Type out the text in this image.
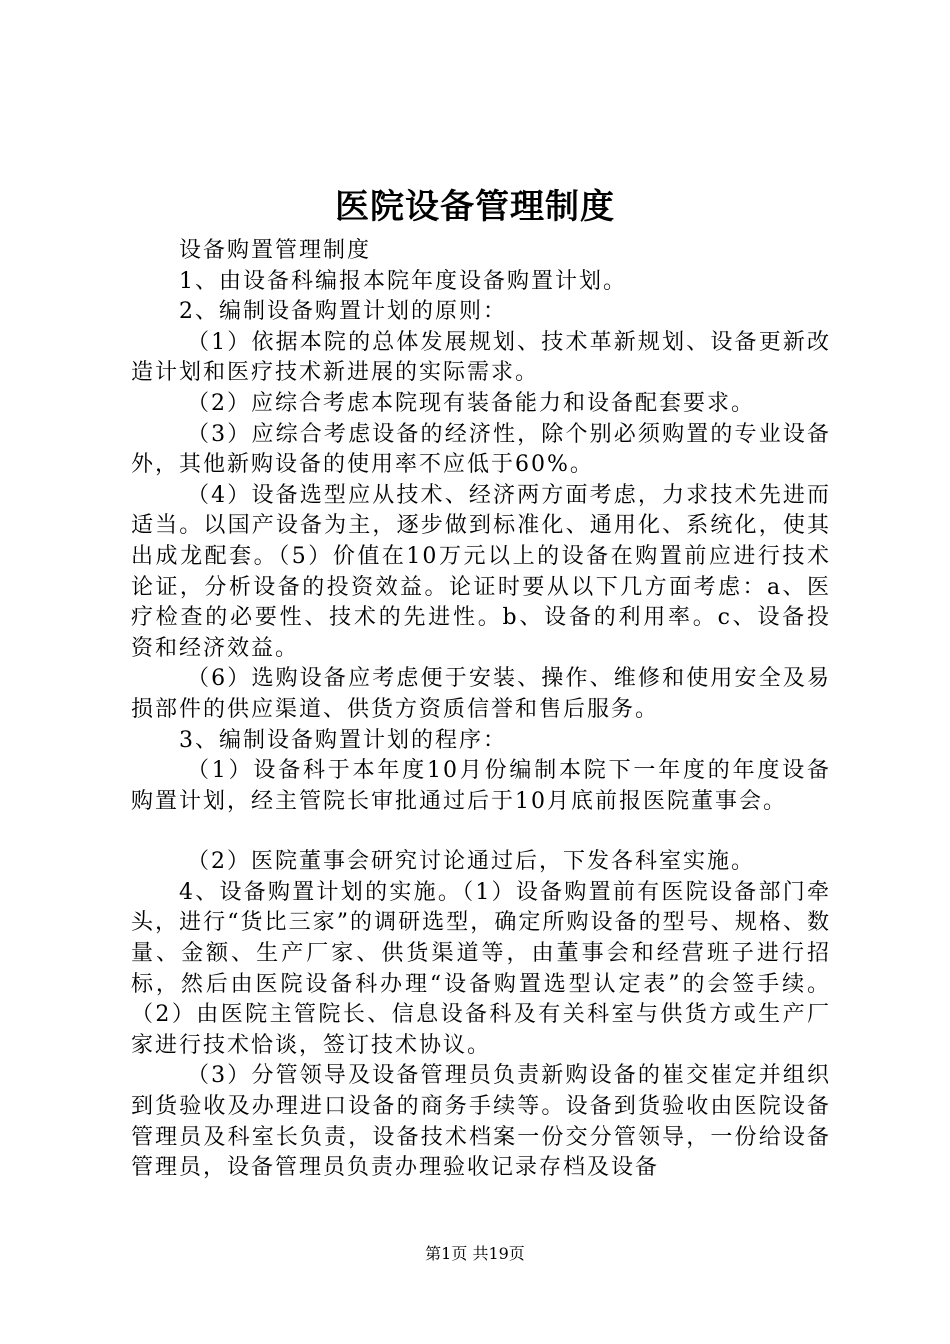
医院设备管理制度

设备购置管理制度

1、由设备科编报本院年度设备购置计划。

2、编制设备购置计划的原则：

（1）依据本院的总体发展规划、技术革新规划、设备更新改造计划和医疗技术新进展的实际需求。

（2）应综合考虑本院现有装备能力和设备配套要求。

（3）应综合考虑设备的经济性，除个别必须购置的专业设备外，其他新购设备的使用率不应低于60%。

（4）设备选型应从技术、经济两方面考虑，力求技术先进而适当。以国产设备为主，逐步做到标准化、通用化、系统化，使其出成龙配套。（5）价值在10万元以上的设备在购置前应进行技术论证，分析设备的投资效益。论证时要从以下几方面考虑：a、医疗检查的必要性、技术的先进性。b、设备的利用率。c、设备投资和经济效益。

（6）选购设备应考虑便于安装、操作、维修和使用安全及易损部件的供应渠道、供货方资质信誉和售后服务。

3、编制设备购置计划的程序：

（1）设备科于本年度10月份编制本院下一年度的年度设备购置计划，经主管院长审批通过后于10月底前报医院董事会。

（2）医院董事会研究讨论通过后，下发各科室实施。

4、设备购置计划的实施。（1）设备购置前有医院设备部门牵头，进行“货比三家”的调研选型，确定所购设备的型号、规格、数量、金额、生产厂家、供货渠道等，由董事会和经营班子进行招标，然后由医院设备科办理“设备购置选型认定表”的会签手续。（2）由医院主管院长、信息设备科及有关科室与供货方或生产厂家进行技术恰谈，签订技术协议。

（3）分管领导及设备管理员负责新购设备的崔交崔定并组织到货验收及办理进口设备的商务手续等。设备到货验收由医院设备管理员及科室长负责，设备技术档案一份交分管领导，一份给设备管理员，设备管理员负责办理验收记录存档及设备

第1页 共19页
